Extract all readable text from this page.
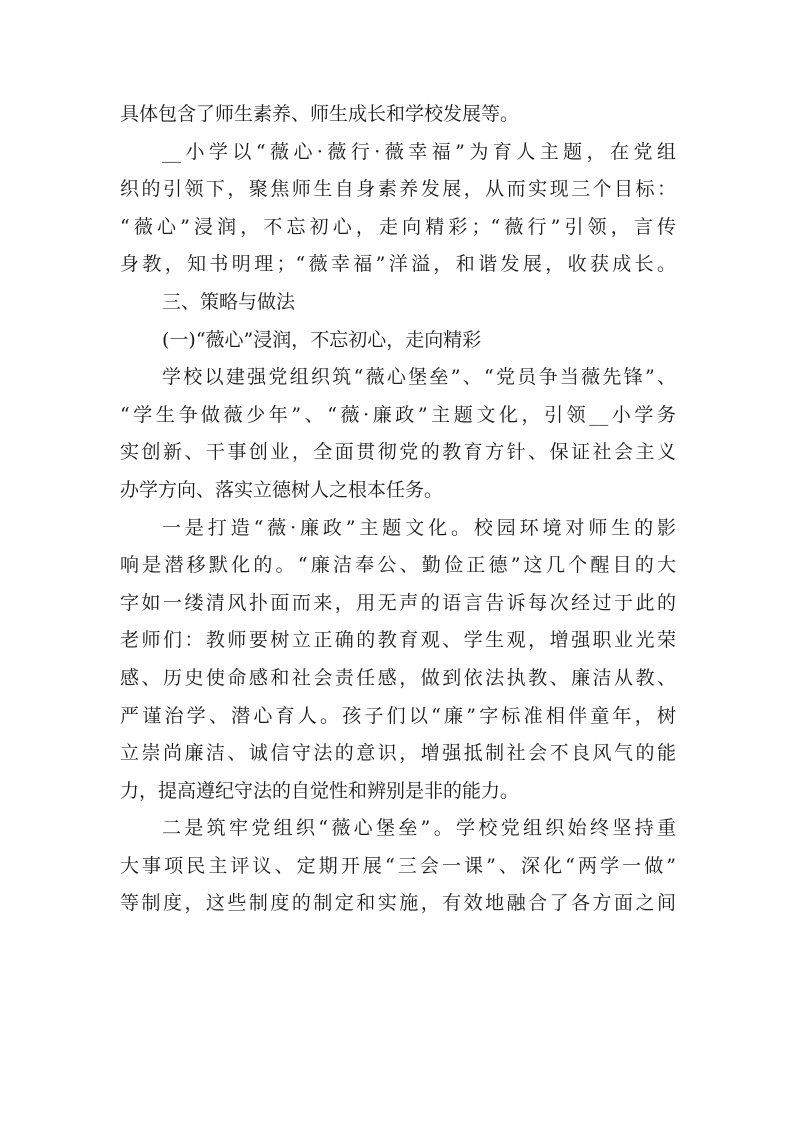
具体包含了师生素养、师生成长和学校发展等。
__小学以“薇心·薇行·薇幸福”为育人主题，在党组
织的引领下，聚焦师生自身素养发展，从而实现三个目标：
“薇心”浸润，不忘初心，走向精彩；“薇行”引领，言传
身教，知书明理；“薇幸福”洋溢，和谐发展，收获成长。
三、策略与做法
(一)“薇心”浸润，不忘初心，走向精彩
学校以建强党组织筑“薇心堡垒”、“党员争当薇先锋”、
“学生争做薇少年”、“薇·廉政”主题文化，引领__小学务
实创新、干事创业，全面贯彻党的教育方针、保证社会主义
办学方向、落实立德树人之根本任务。
一是打造“薇·廉政”主题文化。校园环境对师生的影
响是潜移默化的。“廉洁奉公、勤俭正德”这几个醒目的大
字如一缕清风扑面而来，用无声的语言告诉每次经过于此的
老师们：教师要树立正确的教育观、学生观，增强职业光荣
感、历史使命感和社会责任感，做到依法执教、廉洁从教、
严谨治学、潜心育人。孩子们以“廉”字标准相伴童年，树
立崇尚廉洁、诚信守法的意识，增强抵制社会不良风气的能
力，提高遵纪守法的自觉性和辨别是非的能力。
二是筑牢党组织“薇心堡垒”。学校党组织始终坚持重
大事项民主评议、定期开展“三会一课”、深化“两学一做”
等制度，这些制度的制定和实施，有效地融合了各方面之间
